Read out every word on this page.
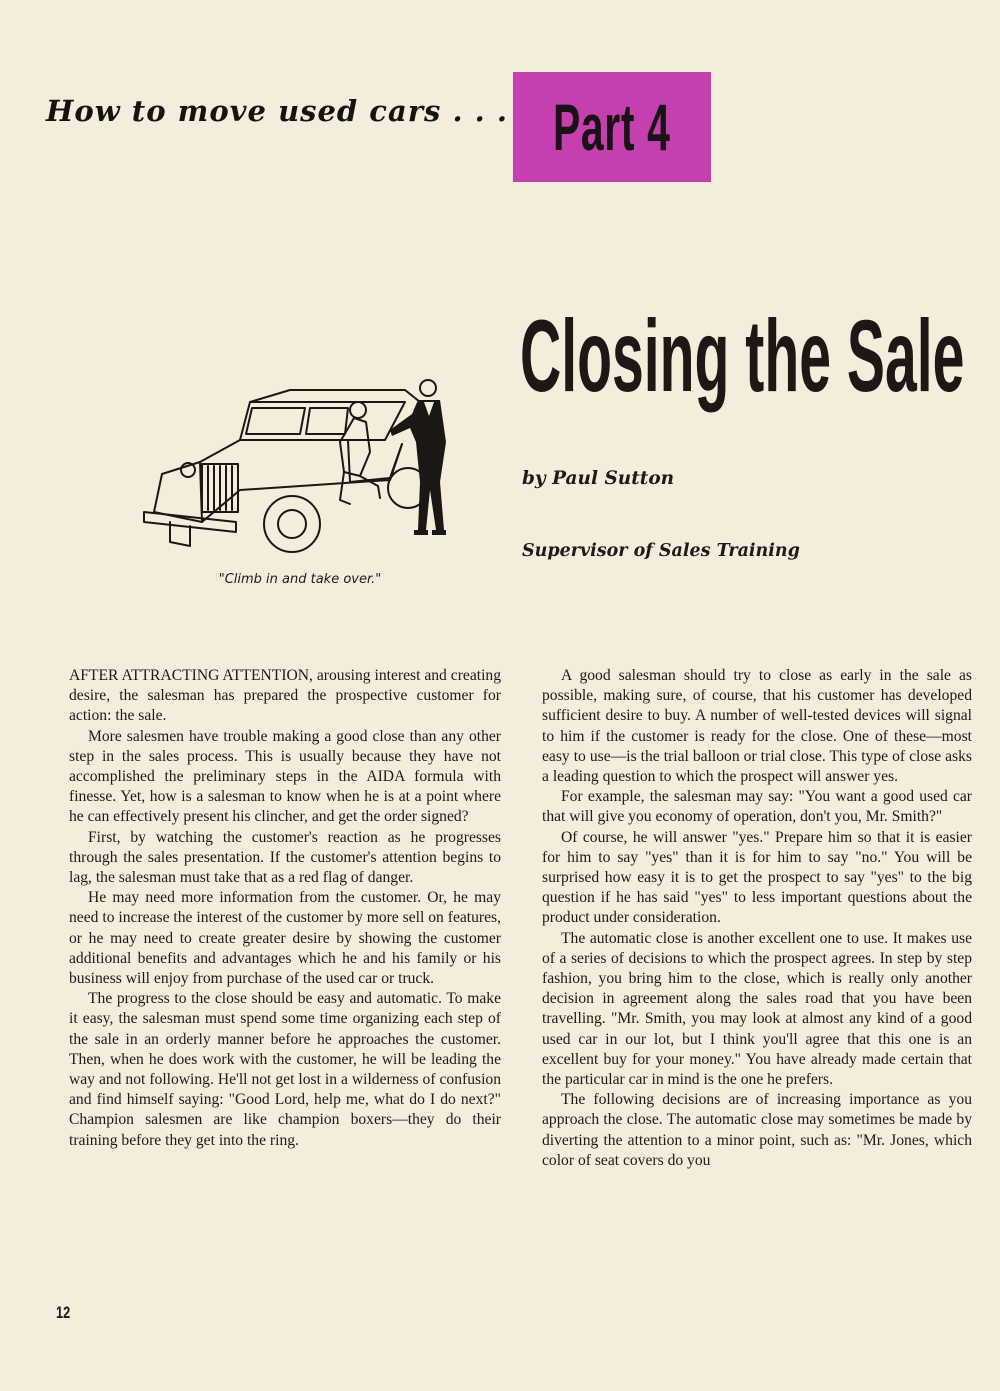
How to move used cars . . . Part 4
Closing the Sale
by Paul Sutton
Supervisor of Sales Training
"Climb in and take over."

AFTER ATTRACTING ATTENTION, arousing interest and creating desire, the salesman has prepared the prospective customer for action: the sale.

More salesmen have trouble making a good close than any other step in the sales process. This is usually because they have not accomplished the preliminary steps in the AIDA formula with finesse. Yet, how is a salesman to know when he is at a point where he can effectively present his clincher, and get the order signed?

First, by watching the customer's reaction as he progresses through the sales presentation. If the customer's attention begins to lag, the salesman must take that as a red flag of danger.

He may need more information from the customer. Or, he may need to increase the interest of the customer by more sell on features, or he may need to create greater desire by showing the customer additional benefits and advantages which he and his family or his business will enjoy from purchase of the used car or truck.

The progress to the close should be easy and automatic. To make it easy, the salesman must spend some time organizing each step of the sale in an orderly manner before he approaches the customer. Then, when he does work with the customer, he will be leading the way and not following. He'll not get lost in a wilderness of confusion and find himself saying: "Good Lord, help me, what do I do next?" Champion salesmen are like champion boxers—they do their training before they get into the ring.

A good salesman should try to close as early in the sale as possible, making sure, of course, that his customer has developed sufficient desire to buy. A number of well-tested devices will signal to him if the customer is ready for the close. One of these—most easy to use—is the trial balloon or trial close. This type of close asks a leading question to which the prospect will answer yes.

For example, the salesman may say: "You want a good used car that will give you economy of operation, don't you, Mr. Smith?"

Of course, he will answer "yes." Prepare him so that it is easier for him to say "yes" than it is for him to say "no." You will be surprised how easy it is to get the prospect to say "yes" to the big question if he has said "yes" to less important questions about the product under consideration.

The automatic close is another excellent one to use. It makes use of a series of decisions to which the prospect agrees. In step by step fashion, you bring him to the close, which is really only another decision in agreement along the sales road that you have been travelling. "Mr. Smith, you may look at almost any kind of a good used car in our lot, but I think you'll agree that this one is an excellent buy for your money." You have already made certain that the particular car in mind is the one he prefers.

The following decisions are of increasing importance as you approach the close. The automatic close may sometimes be made by diverting the attention to a minor point, such as: "Mr. Jones, which color of seat covers do you

12
